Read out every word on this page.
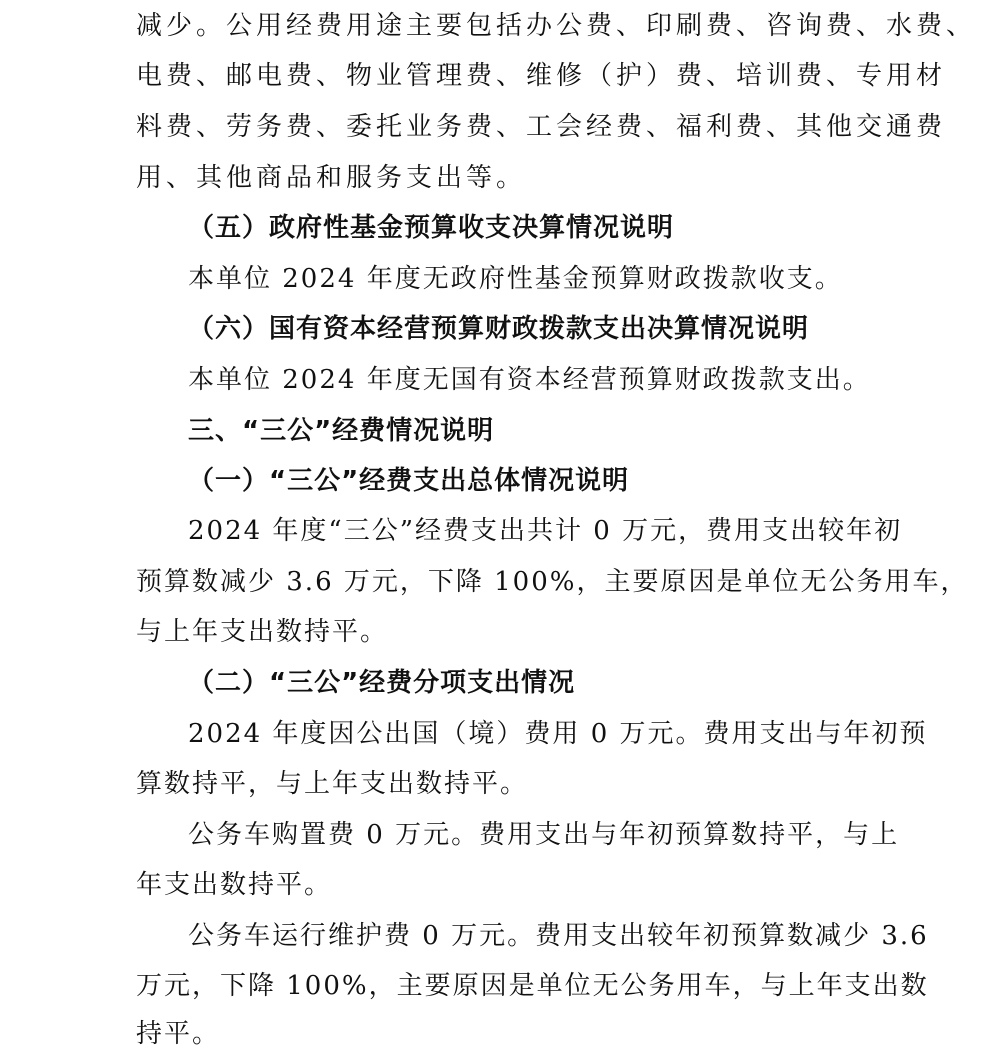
减少。公用经费用途主要包括办公费、印刷费、咨询费、水费、
电费、邮电费、物业管理费、维修（护）费、培训费、专用材
料费、劳务费、委托业务费、工会经费、福利费、其他交通费
用、其他商品和服务支出等。
（五）政府性基金预算收支决算情况说明
本单位 2024 年度无政府性基金预算财政拨款收支。
（六）国有资本经营预算财政拨款支出决算情况说明
本单位 2024 年度无国有资本经营预算财政拨款支出。
三、“三公”经费情况说明
（一）“三公”经费支出总体情况说明
2024 年度“三公”经费支出共计 0 万元，费用支出较年初
预算数减少 3.6 万元，下降 100%，主要原因是单位无公务用车，
与上年支出数持平。
（二）“三公”经费分项支出情况
2024 年度因公出国（境）费用 0 万元。费用支出与年初预
算数持平，与上年支出数持平。
公务车购置费 0 万元。费用支出与年初预算数持平，与上
年支出数持平。
公务车运行维护费 0 万元。费用支出较年初预算数减少 3.6
万元，下降 100%，主要原因是单位无公务用车，与上年支出数
持平。
